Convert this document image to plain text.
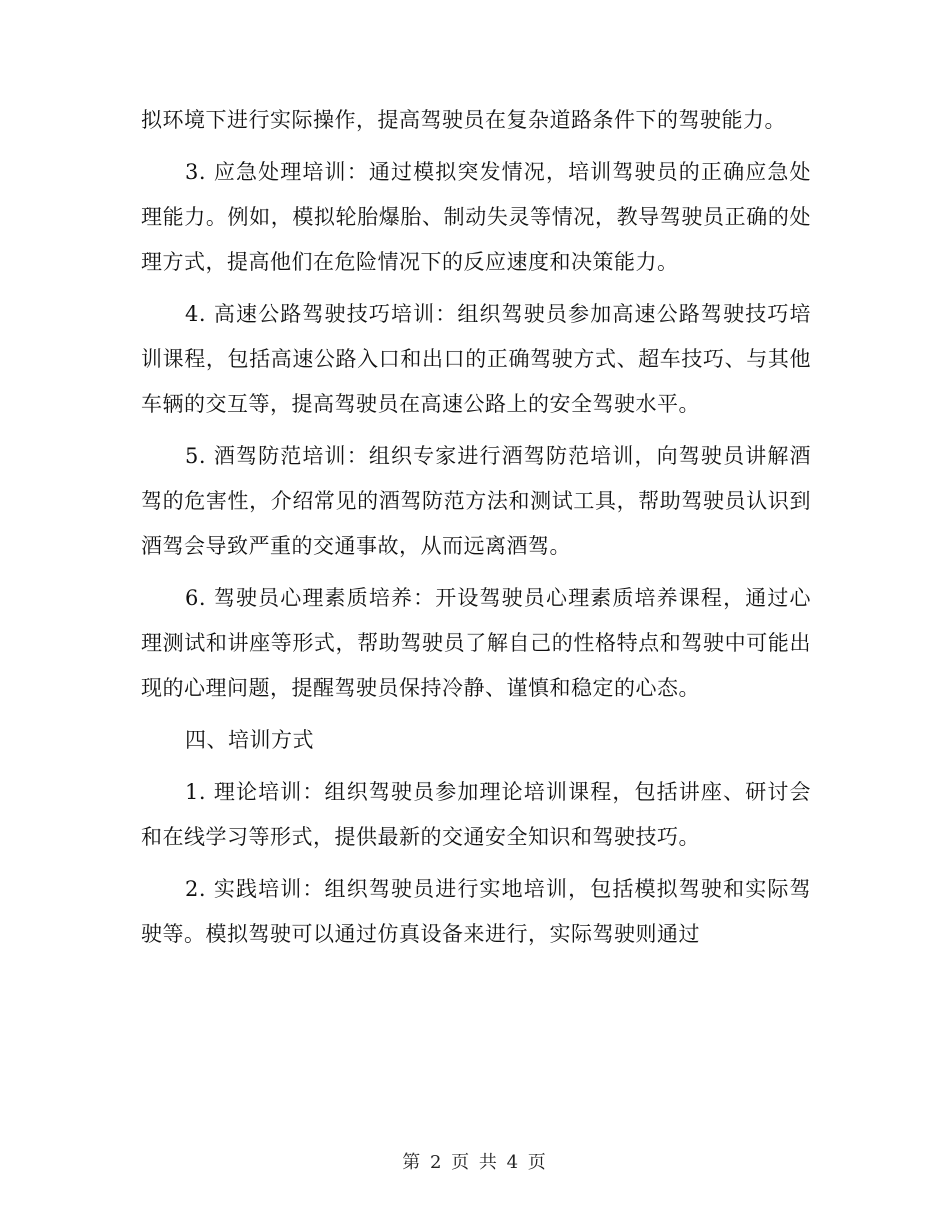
拟环境下进行实际操作，提高驾驶员在复杂道路条件下的驾驶能力。

3. 应急处理培训：通过模拟突发情况，培训驾驶员的正确应急处理能力。例如，模拟轮胎爆胎、制动失灵等情况，教导驾驶员正确的处理方式，提高他们在危险情况下的反应速度和决策能力。

4. 高速公路驾驶技巧培训：组织驾驶员参加高速公路驾驶技巧培训课程，包括高速公路入口和出口的正确驾驶方式、超车技巧、与其他车辆的交互等，提高驾驶员在高速公路上的安全驾驶水平。

5. 酒驾防范培训：组织专家进行酒驾防范培训，向驾驶员讲解酒驾的危害性，介绍常见的酒驾防范方法和测试工具，帮助驾驶员认识到酒驾会导致严重的交通事故，从而远离酒驾。

6. 驾驶员心理素质培养：开设驾驶员心理素质培养课程，通过心理测试和讲座等形式，帮助驾驶员了解自己的性格特点和驾驶中可能出现的心理问题，提醒驾驶员保持冷静、谨慎和稳定的心态。

四、培训方式

1. 理论培训：组织驾驶员参加理论培训课程，包括讲座、研讨会和在线学习等形式，提供最新的交通安全知识和驾驶技巧。

2. 实践培训：组织驾驶员进行实地培训，包括模拟驾驶和实际驾驶等。模拟驾驶可以通过仿真设备来进行，实际驾驶则通过

第 2 页 共 4 页
